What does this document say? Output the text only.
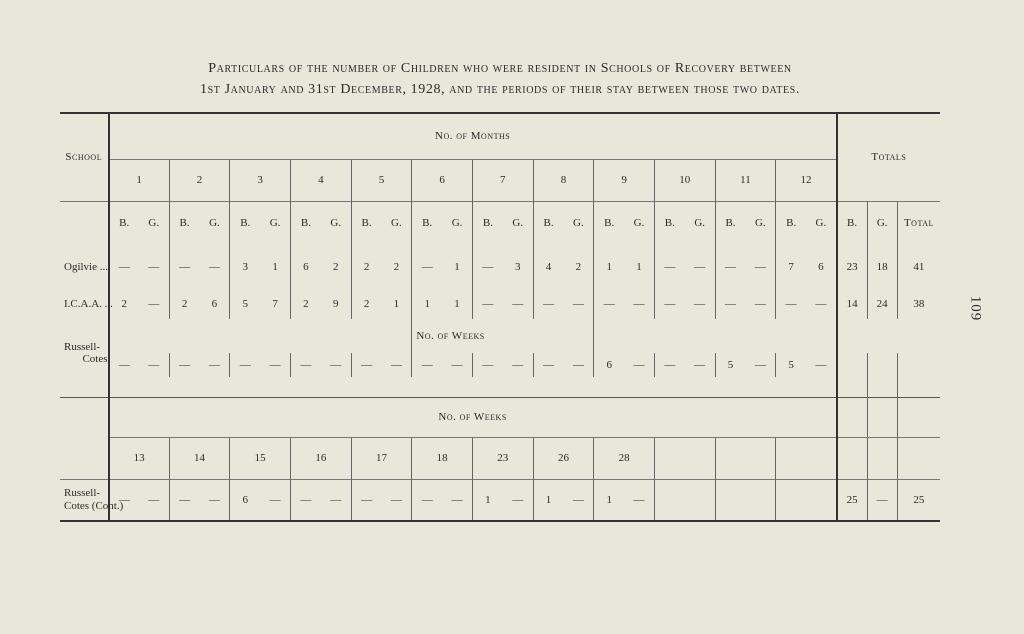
Particulars of the number of Children who were resident in Schools of Recovery between
1st January and 31st December, 1928, and the periods of their stay between those two dates.
109
School	No. of Months																								Totals		
	1		2		3		4		5		6		7		8		9		10		11		12				
	B.	G.	B.	G.	B.	G.	B.	G.	B.	G.	B.	G.	B.	G.	B.	G.	B.	G.	B.	G.	B.	G.	B.	G.	B.	G.	Total
Ogilvie ...	—	—	—	—	3	1	6	2	2	2	—	1	—	3	4	2	1	1	—	—	—	—	7	6	23	18	41
I.C.A.A. ...	2	—	2	6	5	7	2	9	2	1	1	1	—	—	—	—	—	—	—	—	—	—	—	—	14	24	38
Russell-											No. of Weeks																
Cotes	—	—	—	—	—	—	—	—	—	—	—	—	—	—	—	—	6	—	—	—	5	—	5	—			

	No. of Weeks																										
	13		14		15		16		17		18		23		26		28										
Russell-
Cotes (Cont.)	—	—	—	—	6	—	—	—	—	—	—	—	1	—	1	—	1	—							25	—	25
